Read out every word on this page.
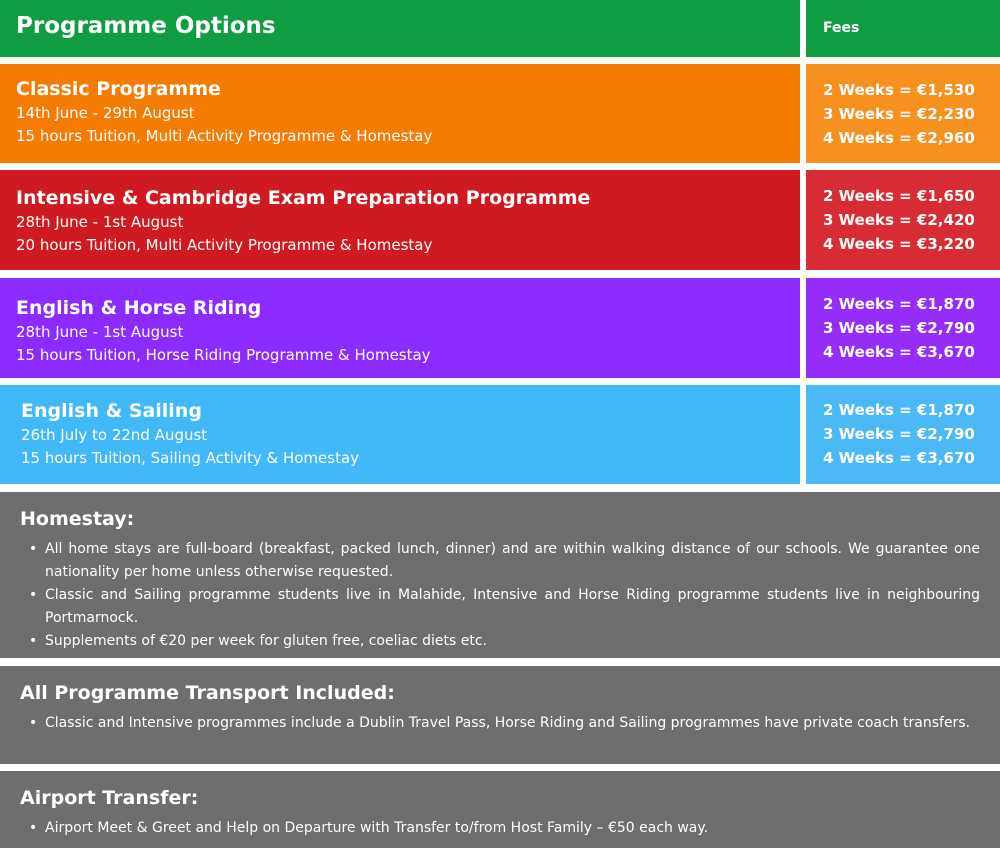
Programme Options	Fees
Classic Programme
14th June - 29th August
15 hours Tuition, Multi Activity Programme & Homestay
2 Weeks = €1,530
3 Weeks = €2,230
4 Weeks = €2,960
Intensive & Cambridge Exam Preparation Programme
28th June - 1st August
20 hours Tuition, Multi Activity Programme & Homestay
2 Weeks = €1,650
3 Weeks = €2,420
4 Weeks = €3,220
English & Horse Riding
28th June - 1st August
15 hours Tuition, Horse Riding Programme & Homestay
2 Weeks = €1,870
3 Weeks = €2,790
4 Weeks = €3,670
English & Sailing
26th July to 22nd August
15 hours Tuition, Sailing Activity & Homestay
2 Weeks = €1,870
3 Weeks = €2,790
4 Weeks = €3,670
Homestay:
• All home stays are full-board (breakfast, packed lunch, dinner) and are within walking distance of our schools. We guarantee one nationality per home unless otherwise requested.
• Classic and Sailing programme students live in Malahide, Intensive and Horse Riding programme students live in neighbouring Portmarnock.
• Supplements of €20 per week for gluten free, coeliac diets etc.
All Programme Transport Included:
• Classic and Intensive programmes include a Dublin Travel Pass, Horse Riding and Sailing programmes have private coach transfers.
Airport Transfer:
• Airport Meet & Greet and Help on Departure with Transfer to/from Host Family – €50 each way.
